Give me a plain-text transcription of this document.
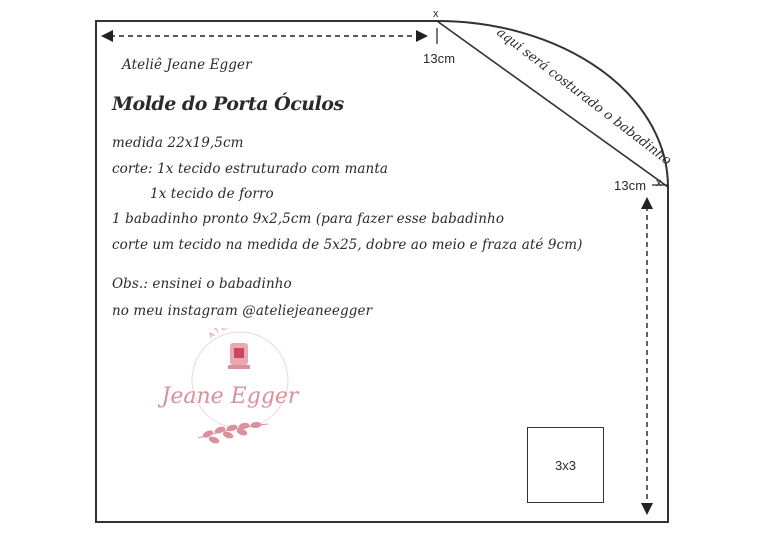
x
x
13cm
13cm
aqui será costurado o babadinho
Ateliê Jeane Egger
Molde do Porta Óculos
medida 22x19,5cm
corte: 1x tecido estruturado com manta
1x tecido de forro
1 babadinho pronto 9x2,5cm (para fazer esse babadinho
corte um tecido na medida de 5x25, dobre ao meio e fraza até 9cm)
Obs.: ensinei o babadinho
no meu instagram @ateliejeaneegger
AT
Jeane Egger
3x3
